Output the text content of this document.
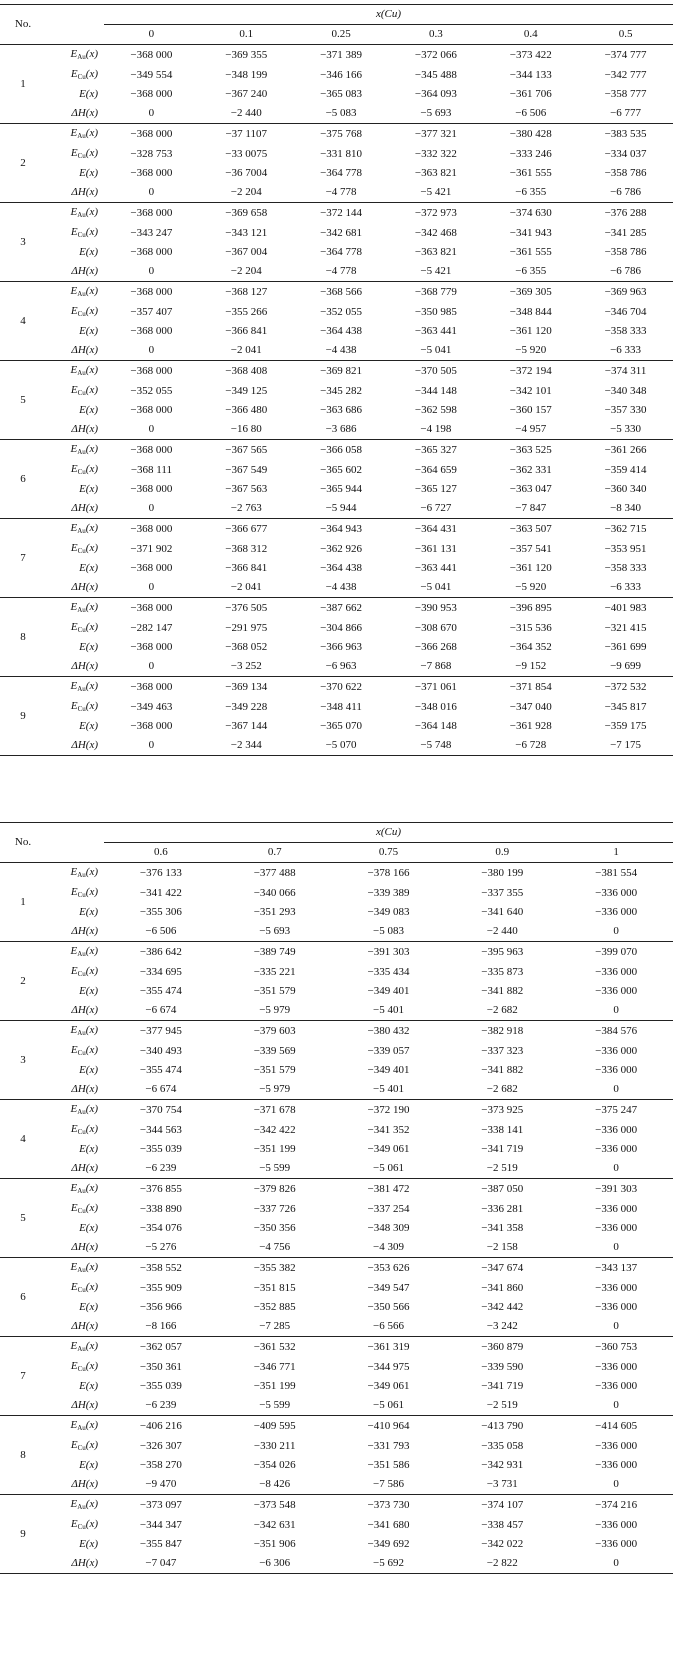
No.		x(Cu)					
		0	0.1	0.25	0.3	0.4	0.5
1	EAu(x)	−368 000	−369 355	−371 389	−372 066	−373 422	−374 777
	ECu(x)	−349 554	−348 199	−346 166	−345 488	−344 133	−342 777
	E(x)	−368 000	−367 240	−365 083	−364 093	−361 706	−358 777
	ΔH(x)	0	−2 440	−5 083	−5 693	−6 506	−6 777
2	EAu(x)	−368 000	−37 1107	−375 768	−377 321	−380 428	−383 535
	ECu(x)	−328 753	−33 0075	−331 810	−332 322	−333 246	−334 037
	E(x)	−368 000	−36 7004	−364 778	−363 821	−361 555	−358 786
	ΔH(x)	0	−2 204	−4 778	−5 421	−6 355	−6 786
3	EAu(x)	−368 000	−369 658	−372 144	−372 973	−374 630	−376 288
	ECu(x)	−343 247	−343 121	−342 681	−342 468	−341 943	−341 285
	E(x)	−368 000	−367 004	−364 778	−363 821	−361 555	−358 786
	ΔH(x)	0	−2 204	−4 778	−5 421	−6 355	−6 786
4	EAu(x)	−368 000	−368 127	−368 566	−368 779	−369 305	−369 963
	ECu(x)	−357 407	−355 266	−352 055	−350 985	−348 844	−346 704
	E(x)	−368 000	−366 841	−364 438	−363 441	−361 120	−358 333
	ΔH(x)	0	−2 041	−4 438	−5 041	−5 920	−6 333
5	EAu(x)	−368 000	−368 408	−369 821	−370 505	−372 194	−374 311
	ECu(x)	−352 055	−349 125	−345 282	−344 148	−342 101	−340 348
	E(x)	−368 000	−366 480	−363 686	−362 598	−360 157	−357 330
	ΔH(x)	0	−16 80	−3 686	−4 198	−4 957	−5 330
6	EAu(x)	−368 000	−367 565	−366 058	−365 327	−363 525	−361 266
	ECu(x)	−368 111	−367 549	−365 602	−364 659	−362 331	−359 414
	E(x)	−368 000	−367 563	−365 944	−365 127	−363 047	−360 340
	ΔH(x)	0	−2 763	−5 944	−6 727	−7 847	−8 340
7	EAu(x)	−368 000	−366 677	−364 943	−364 431	−363 507	−362 715
	ECu(x)	−371 902	−368 312	−362 926	−361 131	−357 541	−353 951
	E(x)	−368 000	−366 841	−364 438	−363 441	−361 120	−358 333
	ΔH(x)	0	−2 041	−4 438	−5 041	−5 920	−6 333
8	EAu(x)	−368 000	−376 505	−387 662	−390 953	−396 895	−401 983
	ECu(x)	−282 147	−291 975	−304 866	−308 670	−315 536	−321 415
	E(x)	−368 000	−368 052	−366 963	−366 268	−364 352	−361 699
	ΔH(x)	0	−3 252	−6 963	−7 868	−9 152	−9 699
9	EAu(x)	−368 000	−369 134	−370 622	−371 061	−371 854	−372 532
	ECu(x)	−349 463	−349 228	−348 411	−348 016	−347 040	−345 817
	E(x)	−368 000	−367 144	−365 070	−364 148	−361 928	−359 175
	ΔH(x)	0	−2 344	−5 070	−5 748	−6 728	−7 175
No.		x(Cu)				
		0.6	0.7	0.75	0.9	1
1	EAu(x)	−376 133	−377 488	−378 166	−380 199	−381 554
	ECu(x)	−341 422	−340 066	−339 389	−337 355	−336 000
	E(x)	−355 306	−351 293	−349 083	−341 640	−336 000
	ΔH(x)	−6 506	−5 693	−5 083	−2 440	0
2	EAu(x)	−386 642	−389 749	−391 303	−395 963	−399 070
	ECu(x)	−334 695	−335 221	−335 434	−335 873	−336 000
	E(x)	−355 474	−351 579	−349 401	−341 882	−336 000
	ΔH(x)	−6 674	−5 979	−5 401	−2 682	0
3	EAu(x)	−377 945	−379 603	−380 432	−382 918	−384 576
	ECu(x)	−340 493	−339 569	−339 057	−337 323	−336 000
	E(x)	−355 474	−351 579	−349 401	−341 882	−336 000
	ΔH(x)	−6 674	−5 979	−5 401	−2 682	0
4	EAu(x)	−370 754	−371 678	−372 190	−373 925	−375 247
	ECu(x)	−344 563	−342 422	−341 352	−338 141	−336 000
	E(x)	−355 039	−351 199	−349 061	−341 719	−336 000
	ΔH(x)	−6 239	−5 599	−5 061	−2 519	0
5	EAu(x)	−376 855	−379 826	−381 472	−387 050	−391 303
	ECu(x)	−338 890	−337 726	−337 254	−336 281	−336 000
	E(x)	−354 076	−350 356	−348 309	−341 358	−336 000
	ΔH(x)	−5 276	−4 756	−4 309	−2 158	0
6	EAu(x)	−358 552	−355 382	−353 626	−347 674	−343 137
	ECu(x)	−355 909	−351 815	−349 547	−341 860	−336 000
	E(x)	−356 966	−352 885	−350 566	−342 442	−336 000
	ΔH(x)	−8 166	−7 285	−6 566	−3 242	0
7	EAu(x)	−362 057	−361 532	−361 319	−360 879	−360 753
	ECu(x)	−350 361	−346 771	−344 975	−339 590	−336 000
	E(x)	−355 039	−351 199	−349 061	−341 719	−336 000
	ΔH(x)	−6 239	−5 599	−5 061	−2 519	0
8	EAu(x)	−406 216	−409 595	−410 964	−413 790	−414 605
	ECu(x)	−326 307	−330 211	−331 793	−335 058	−336 000
	E(x)	−358 270	−354 026	−351 586	−342 931	−336 000
	ΔH(x)	−9 470	−8 426	−7 586	−3 731	0
9	EAu(x)	−373 097	−373 548	−373 730	−374 107	−374 216
	ECu(x)	−344 347	−342 631	−341 680	−338 457	−336 000
	E(x)	−355 847	−351 906	−349 692	−342 022	−336 000
	ΔH(x)	−7 047	−6 306	−5 692	−2 822	0
